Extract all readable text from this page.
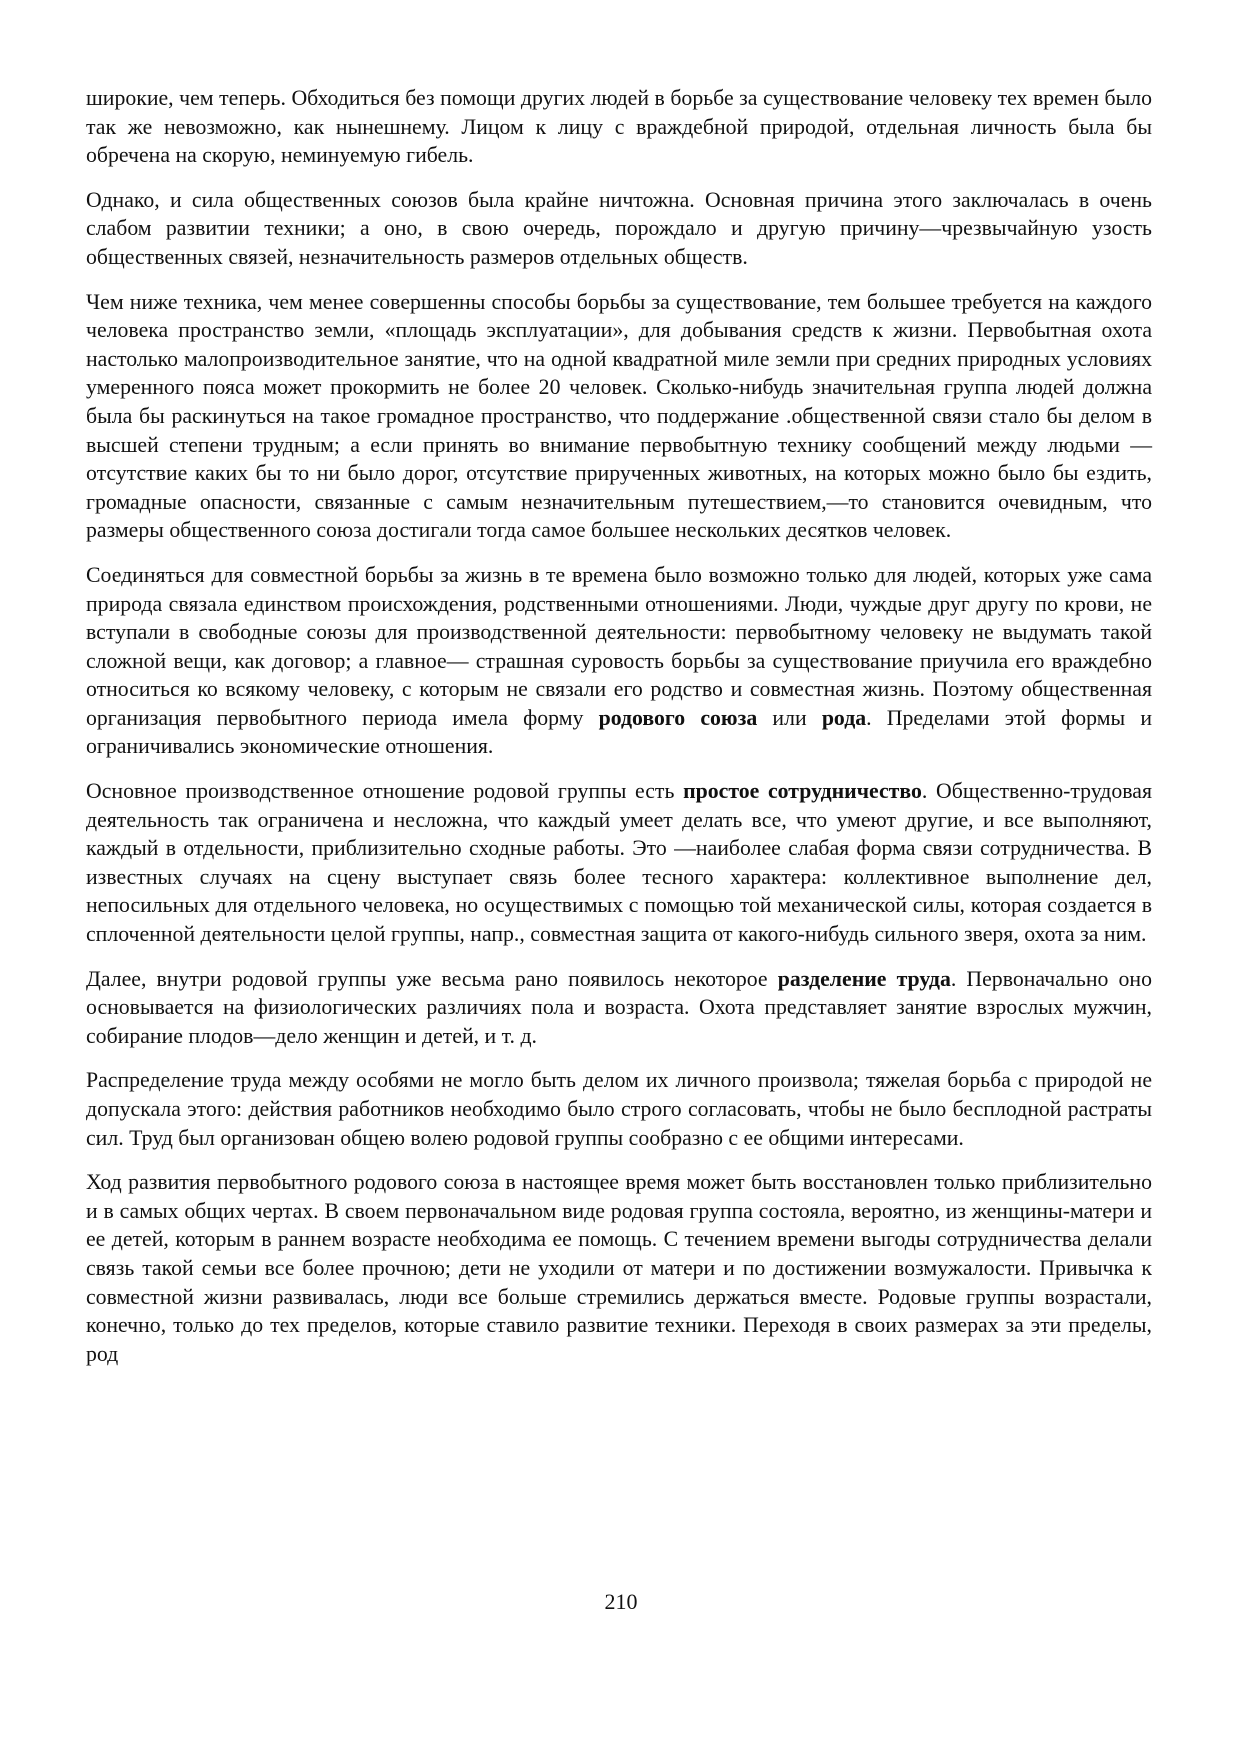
широкие, чем теперь. Обходиться без помощи других людей в борьбе за существование человеку тех времен было так же невозможно, как нынешнему. Лицом к лицу с враждебной природой, отдельная личность была бы обречена на скорую, неминуемую гибель.

Однако, и сила общественных союзов была крайне ничтожна. Основная причина этого заключалась в очень слабом развитии техники; а оно, в свою очередь, порождало и другую причину—чрезвычайную узость общественных связей, незначительность размеров отдельных обществ.

Чем ниже техника, чем менее совершенны способы борьбы за существование, тем большее требуется на каждого человека пространство земли, «площадь эксплуатации», для добывания средств к жизни. Первобытная охота настолько малопроизводительное занятие, что на одной квадратной миле земли при средних природных условиях умеренного пояса может прокормить не более 20 человек. Сколько-нибудь значительная группа людей должна была бы раскинуться на такое громадное пространство, что поддержание .общественной связи стало бы делом в высшей степени трудным; а если принять во внимание первобытную технику сообщений между людьми —отсутствие каких бы то ни было дорог, отсутствие прирученных животных, на которых можно было бы ездить, громадные опасности, связанные с самым незначительным путешествием,—то становится очевидным, что размеры общественного союза достигали тогда самое большее нескольких десятков человек.

Соединяться для совместной борьбы за жизнь в те времена было возможно только для людей, которых уже сама природа связала единством происхождения, родственными отношениями. Люди, чуждые друг другу по крови, не вступали в свободные союзы для производственной деятельности: первобытному человеку не выдумать такой сложной вещи, как договор; а главное— страшная суровость борьбы за существование приучила его враждебно относиться ко всякому человеку, с которым не связали его родство и совместная жизнь. Поэтому общественная организация первобытного периода имела форму родового союза или рода. Пределами этой формы и ограничивались экономические отношения.

Основное производственное отношение родовой группы есть простое сотрудничество. Общественно-трудовая деятельность так ограничена и несложна, что каждый умеет делать все, что умеют другие, и все выполняют, каждый в отдельности, приблизительно сходные работы. Это —наиболее слабая форма связи сотрудничества. В известных случаях на сцену выступает связь более тесного характера: коллективное выполнение дел, непосильных для отдельного человека, но осуществимых с помощью той механической силы, которая создается в сплоченной деятельности целой группы, напр., совместная защита от какого-нибудь сильного зверя, охота за ним.

Далее, внутри родовой группы уже весьма рано появилось некоторое разделение труда. Первоначально оно основывается на физиологических различиях пола и возраста. Охота представляет занятие взрослых мужчин, собирание плодов—дело женщин и детей, и т. д.

Распределение труда между особями не могло быть делом их личного произвола; тяжелая борьба с природой не допускала этого: действия работников необходимо было строго согласовать, чтобы не было бесплодной растраты сил. Труд был организован общею волею родовой группы сообразно с ее общими интересами.

Ход развития первобытного родового союза в настоящее время может быть восстановлен только приблизительно и в самых общих чертах. В своем первоначальном виде родовая группа состояла, вероятно, из женщины-матери и ее детей, которым в раннем возрасте необходима ее помощь. С течением времени выгоды сотрудничества делали связь такой семьи все более прочною; дети не уходили от матери и по достижении возмужалости. Привычка к совместной жизни развивалась, люди все больше стремились держаться вместе. Родовые группы возрастали, конечно, только до тех пределов, которые ставило развитие техники. Переходя в своих размерах за эти пределы, род

210
